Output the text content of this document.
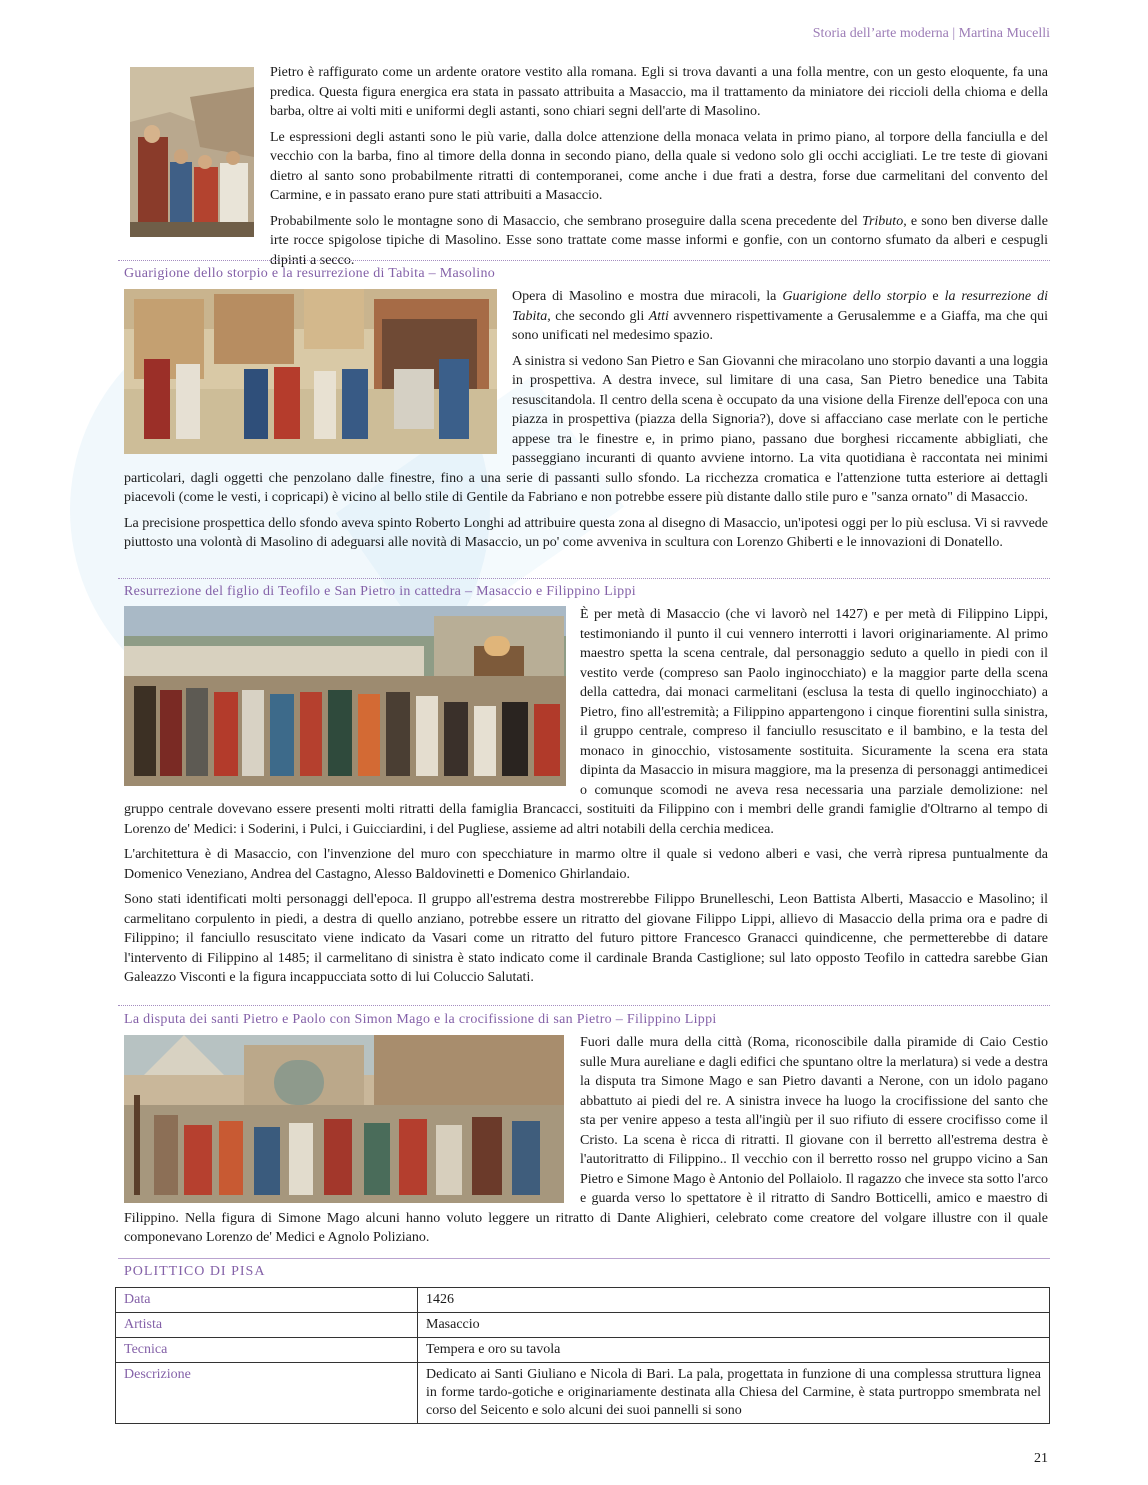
Storia dell’arte moderna | Martina Mucelli

Pietro è raffigurato come un ardente oratore vestito alla romana. Egli si trova davanti a una folla mentre, con un gesto eloquente, fa una predica. Questa figura energica era stata in passato attribuita a Masaccio, ma il trattamento da miniatore dei riccioli della chioma e della barba, oltre ai volti miti e uniformi degli astanti, sono chiari segni dell'arte di Masolino.

Le espressioni degli astanti sono le più varie, dalla dolce attenzione della monaca velata in primo piano, al torpore della fanciulla e del vecchio con la barba, fino al timore della donna in secondo piano, della quale si vedono solo gli occhi accigliati. Le tre teste di giovani dietro al santo sono probabilmente ritratti di contemporanei, come anche i due frati a destra, forse due carmelitani del convento del Carmine, e in passato erano pure stati attribuiti a Masaccio.

Probabilmente solo le montagne sono di Masaccio, che sembrano proseguire dalla scena precedente del Tributo, e sono ben diverse dalle irte rocce spigolose tipiche di Masolino. Esse sono trattate come masse informi e gonfie, con un contorno sfumato da alberi e cespugli dipinti a secco.

Guarigione dello storpio e la resurrezione di Tabita – Masolino

Opera di Masolino e mostra due miracoli, la Guarigione dello storpio e la resurrezione di Tabita, che secondo gli Atti avvennero rispettivamente a Gerusalemme e a Giaffa, ma che qui sono unificati nel medesimo spazio.

A sinistra si vedono San Pietro e San Giovanni che miracolano uno storpio davanti a una loggia in prospettiva. A destra invece, sul limitare di una casa, San Pietro benedice una Tabita resuscitandola. Il centro della scena è occupato da una visione della Firenze dell'epoca con una piazza in prospettiva (piazza della Signoria?), dove si affacciano case merlate con le pertiche appese tra le finestre e, in primo piano, passano due borghesi riccamente abbigliati, che passeggiano incuranti di quanto avviene intorno. La vita quotidiana è raccontata nei minimi particolari, dagli oggetti che penzolano dalle finestre, fino a una serie di passanti sullo sfondo. La ricchezza cromatica e l'attenzione tutta esteriore ai dettagli piacevoli (come le vesti, i copricapi) è vicino al bello stile di Gentile da Fabriano e non potrebbe essere più distante dallo stile puro e "sanza ornato" di Masaccio.

La precisione prospettica dello sfondo aveva spinto Roberto Longhi ad attribuire questa zona al disegno di Masaccio, un'ipotesi oggi per lo più esclusa. Vi si ravvede piuttosto una volontà di Masolino di adeguarsi alle novità di Masaccio, un po' come avveniva in scultura con Lorenzo Ghiberti e le innovazioni di Donatello.

Resurrezione del figlio di Teofilo e San Pietro in cattedra – Masaccio e Filippino Lippi

È per metà di Masaccio (che vi lavorò nel 1427) e per metà di Filippino Lippi, testimoniando il punto il cui vennero interrotti i lavori originariamente. Al primo maestro spetta la scena centrale, dal personaggio seduto a quello in piedi con il vestito verde (compreso san Paolo inginocchiato) e la maggior parte della scena della cattedra, dai monaci carmelitani (esclusa la testa di quello inginocchiato) a Pietro, fino all'estremità; a Filippino appartengono i cinque fiorentini sulla sinistra, il gruppo centrale, compreso il fanciullo resuscitato e il bambino, e la testa del monaco in ginocchio, vistosamente sostituita. Sicuramente la scena era stata dipinta da Masaccio in misura maggiore, ma la presenza di personaggi antimedicei o comunque scomodi ne aveva resa necessaria una parziale demolizione: nel gruppo centrale dovevano essere presenti molti ritratti della famiglia Brancacci, sostituiti da Filippino con i membri delle grandi famiglie d'Oltrarno al tempo di Lorenzo de' Medici: i Soderini, i Pulci, i Guicciardini, i del Pugliese, assieme ad altri notabili della cerchia medicea.

L'architettura è di Masaccio, con l'invenzione del muro con specchiature in marmo oltre il quale si vedono alberi e vasi, che verrà ripresa puntualmente da Domenico Veneziano, Andrea del Castagno, Alesso Baldovinetti e Domenico Ghirlandaio.

Sono stati identificati molti personaggi dell'epoca. Il gruppo all'estrema destra mostrerebbe Filippo Brunelleschi, Leon Battista Alberti, Masaccio e Masolino; il carmelitano corpulento in piedi, a destra di quello anziano, potrebbe essere un ritratto del giovane Filippo Lippi, allievo di Masaccio della prima ora e padre di Filippino; il fanciullo resuscitato viene indicato da Vasari come un ritratto del futuro pittore Francesco Granacci quindicenne, che permetterebbe di datare l'intervento di Filippino al 1485; il carmelitano di sinistra è stato indicato come il cardinale Branda Castiglione; sul lato opposto Teofilo in cattedra sarebbe Gian Galeazzo Visconti e la figura incappucciata sotto di lui Coluccio Salutati.

La disputa dei santi Pietro e Paolo con Simon Mago e la crocifissione di san Pietro – Filippino Lippi

Fuori dalle mura della città (Roma, riconoscibile dalla piramide di Caio Cestio sulle Mura aureliane e dagli edifici che spuntano oltre la merlatura) si vede a destra la disputa tra Simone Mago e san Pietro davanti a Nerone, con un idolo pagano abbattuto ai piedi del re. A sinistra invece ha luogo la crocifissione del santo che sta per venire appeso a testa all'ingiù per il suo rifiuto di essere crocifisso come il Cristo. La scena è ricca di ritratti. Il giovane con il berretto all'estrema destra è l'autoritratto di Filippino.. Il vecchio con il berretto rosso nel gruppo vicino a San Pietro e Simone Mago è Antonio del Pollaiolo. Il ragazzo che invece sta sotto l'arco e guarda verso lo spettatore è il ritratto di Sandro Botticelli, amico e maestro di Filippino. Nella figura di Simone Mago alcuni hanno voluto leggere un ritratto di Dante Alighieri, celebrato come creatore del volgare illustre con il quale componevano Lorenzo de' Medici e Agnolo Poliziano.

POLITTICO DI PISA
Data	1426
Artista	Masaccio
Tecnica	Tempera e oro su tavola
Descrizione	Dedicato ai Santi Giuliano e Nicola di Bari. La pala, progettata in funzione di una complessa struttura lignea in forme tardo-gotiche e originariamente destinata alla Chiesa del Carmine, è stata purtroppo smembrata nel corso del Seicento e solo alcuni dei suoi pannelli si sono
21
